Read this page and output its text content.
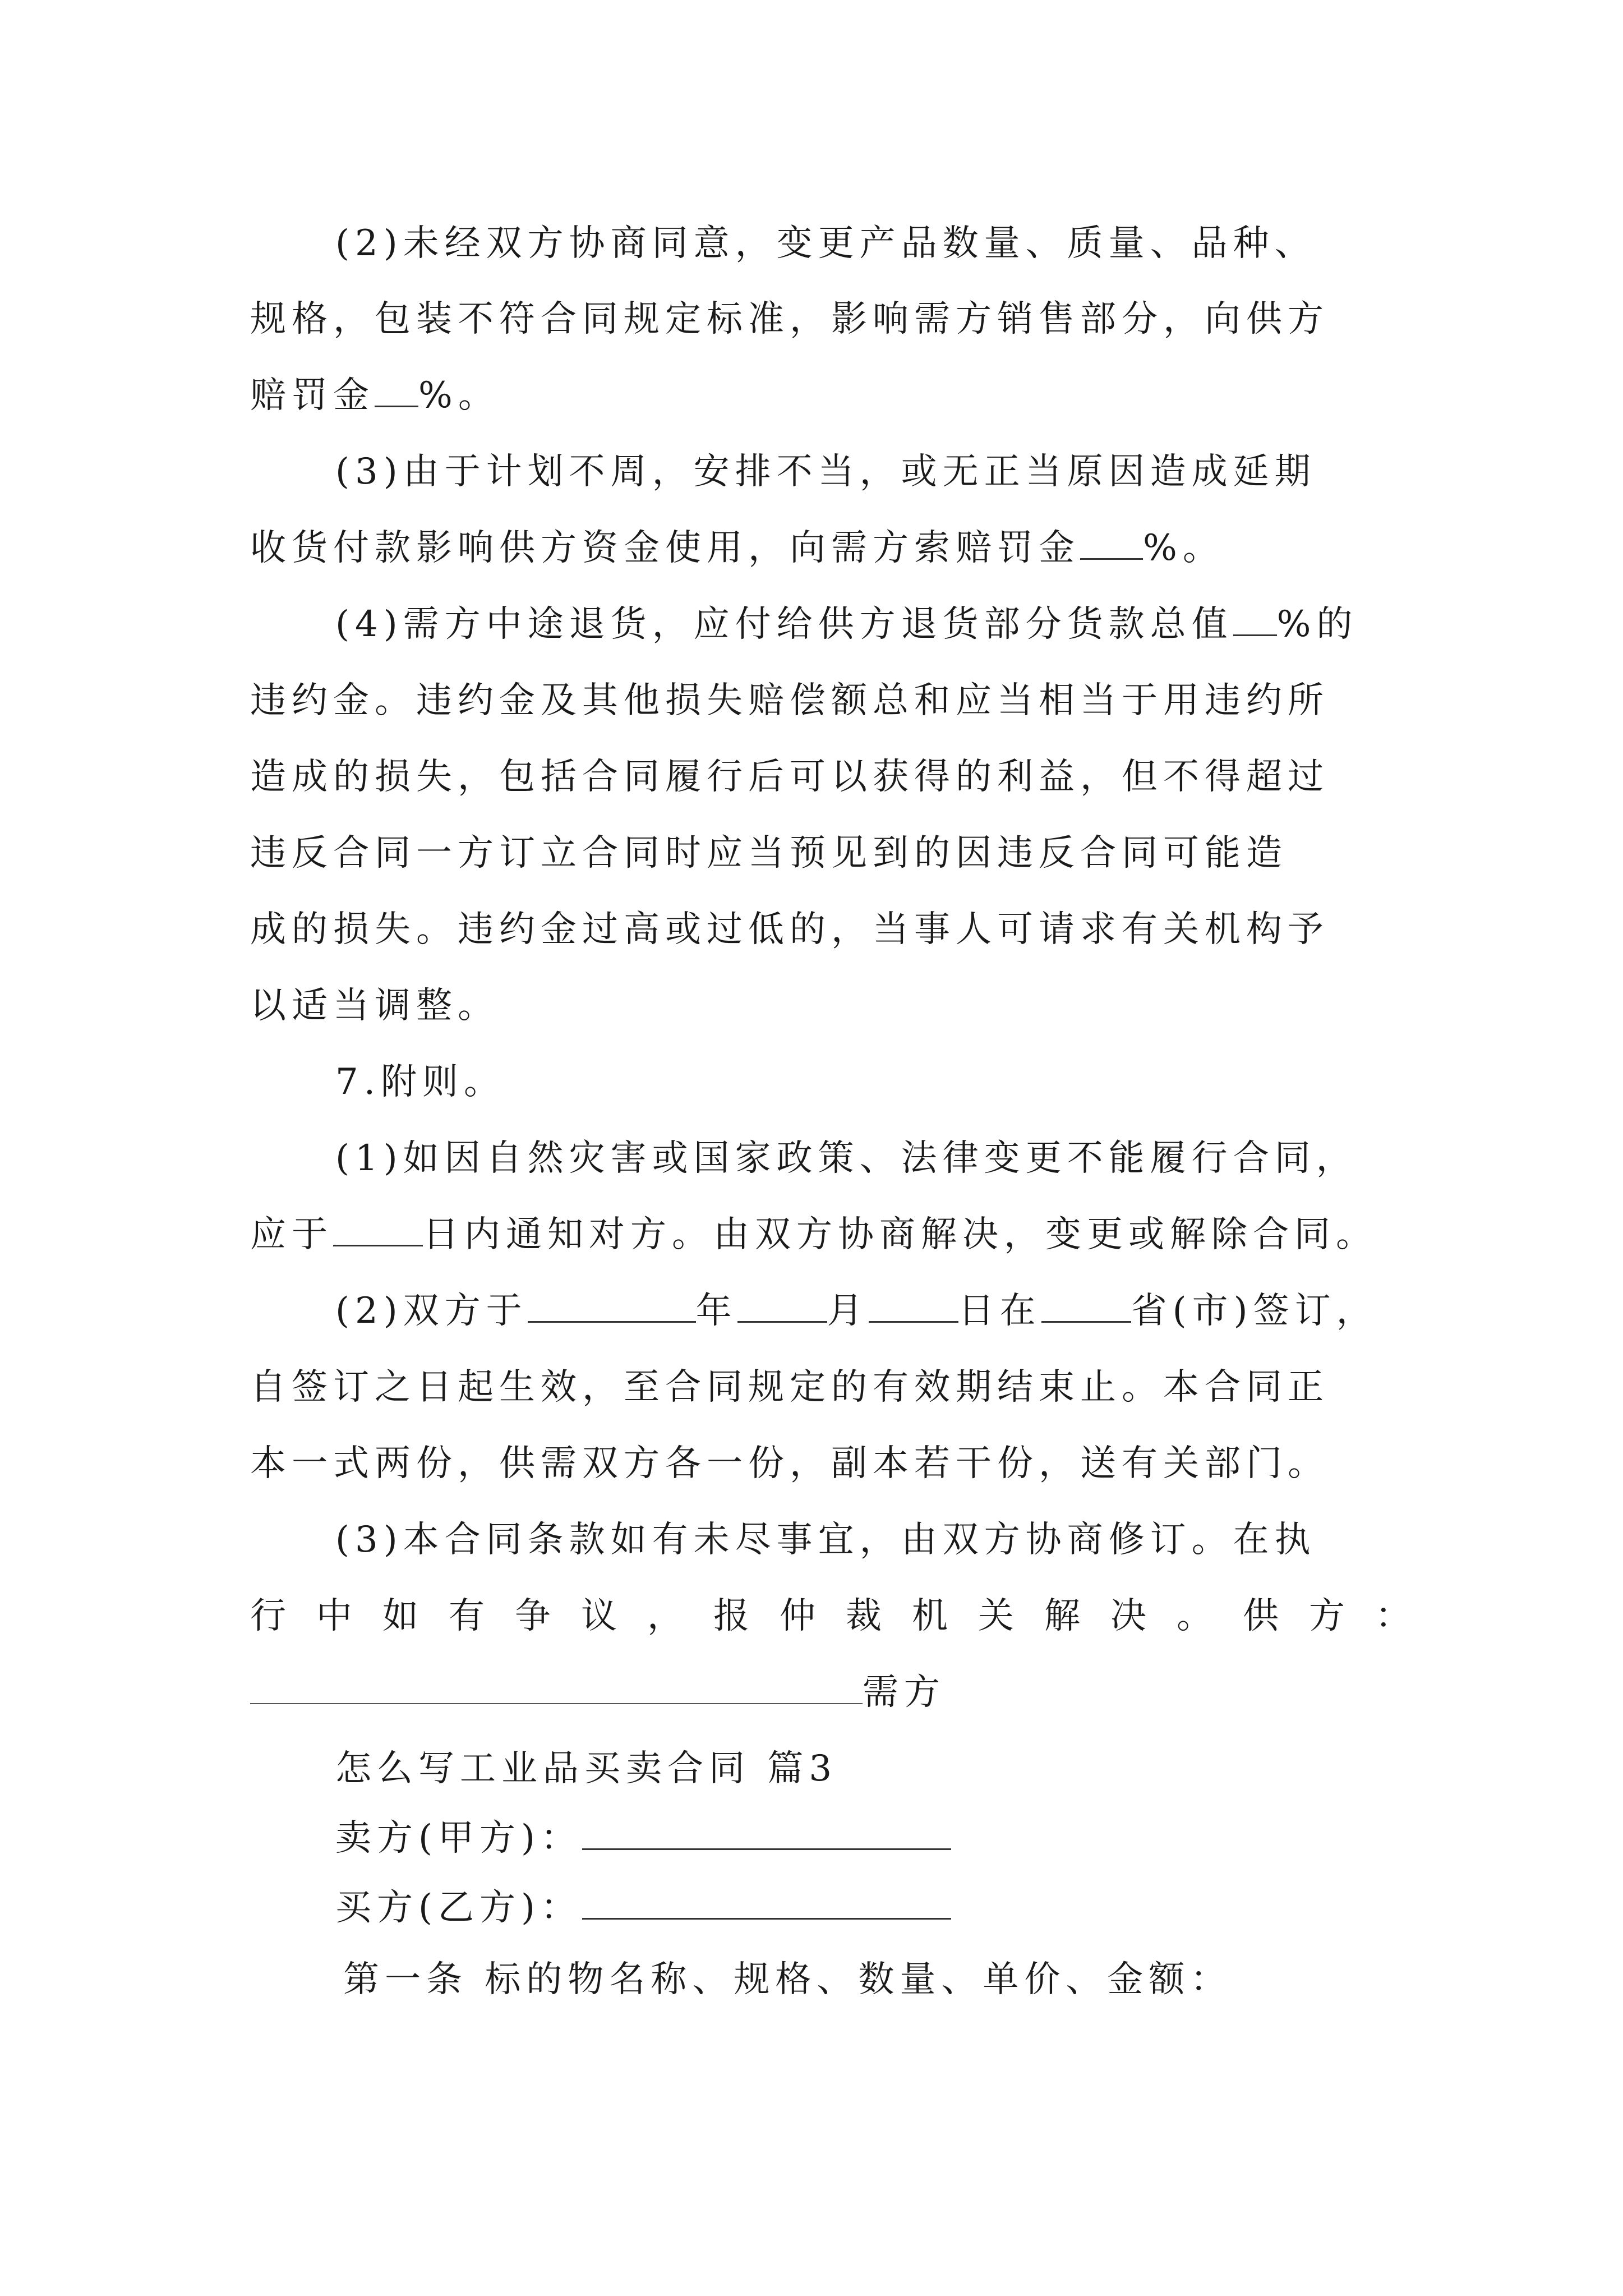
(2)未经双方协商同意，变更产品数量、质量、品种、
规格，包装不符合同规定标准，影响需方销售部分，向供方
赔罚金 %。
(3)由于计划不周，安排不当，或无正当原因造成延期
收货付款影响供方资金使用，向需方索赔罚金 %。
(4)需方中途退货，应付给供方退货部分货款总值 %的
违约金。违约金及其他损失赔偿额总和应当相当于用违约所
造成的损失，包括合同履行后可以获得的利益，但不得超过
违反合同一方订立合同时应当预见到的因违反合同可能造
成的损失。违约金过高或过低的，当事人可请求有关机构予
以适当调整。
7.附则。
(1)如因自然灾害或国家政策、法律变更不能履行合同，
应于	日内通知对方。由双方协商解决，变更或解除合同。
(2)双方于	年	月	日在	省(市)签订，
自签订之日起生效，至合同规定的有效期结束止。本合同正
本一式两份，供需双方各一份，副本若干份，送有关部门。
(3)本合同条款如有未尽事宜，由双方协商修订。在执
行中如有争议，报仲裁机关解决。供方：
需方
怎么写工业品买卖合同 篇3
卖方(甲方)：
买方(乙方)：
第一条 标的物名称、规格、数量、单价、金额：
